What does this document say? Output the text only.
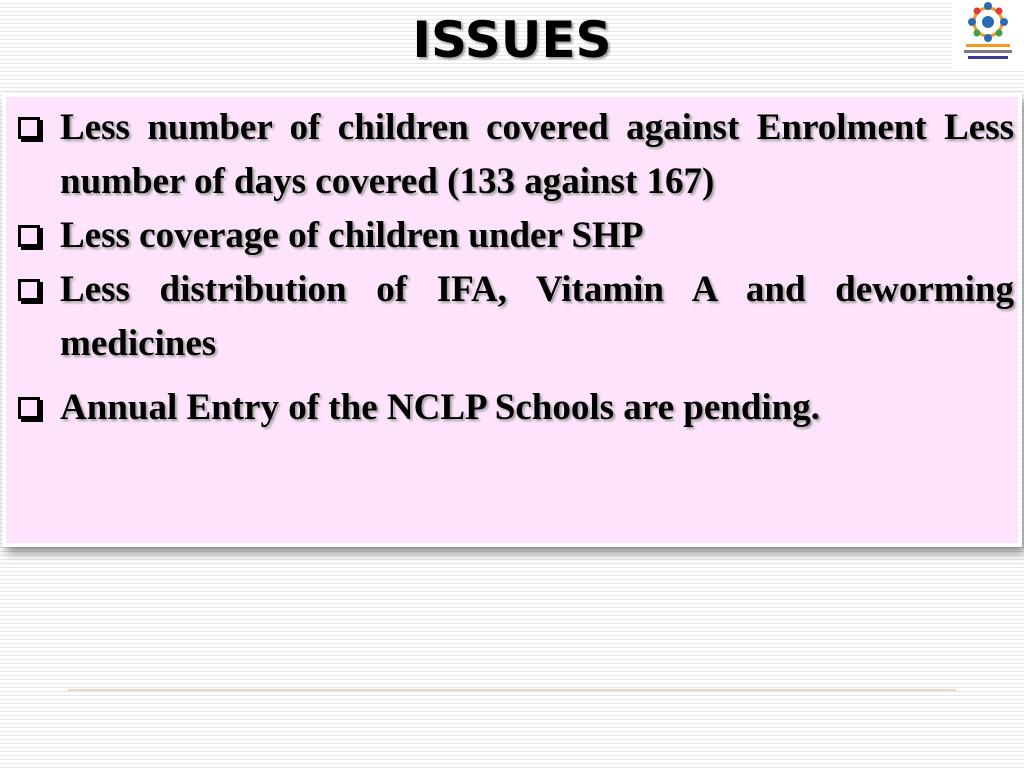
ISSUES
Less number of children covered against Enrolment Less number of days covered (133 against 167)
Less coverage of children under SHP
Less distribution of IFA, Vitamin A and deworming medicines
Annual Entry of the NCLP Schools are pending.
